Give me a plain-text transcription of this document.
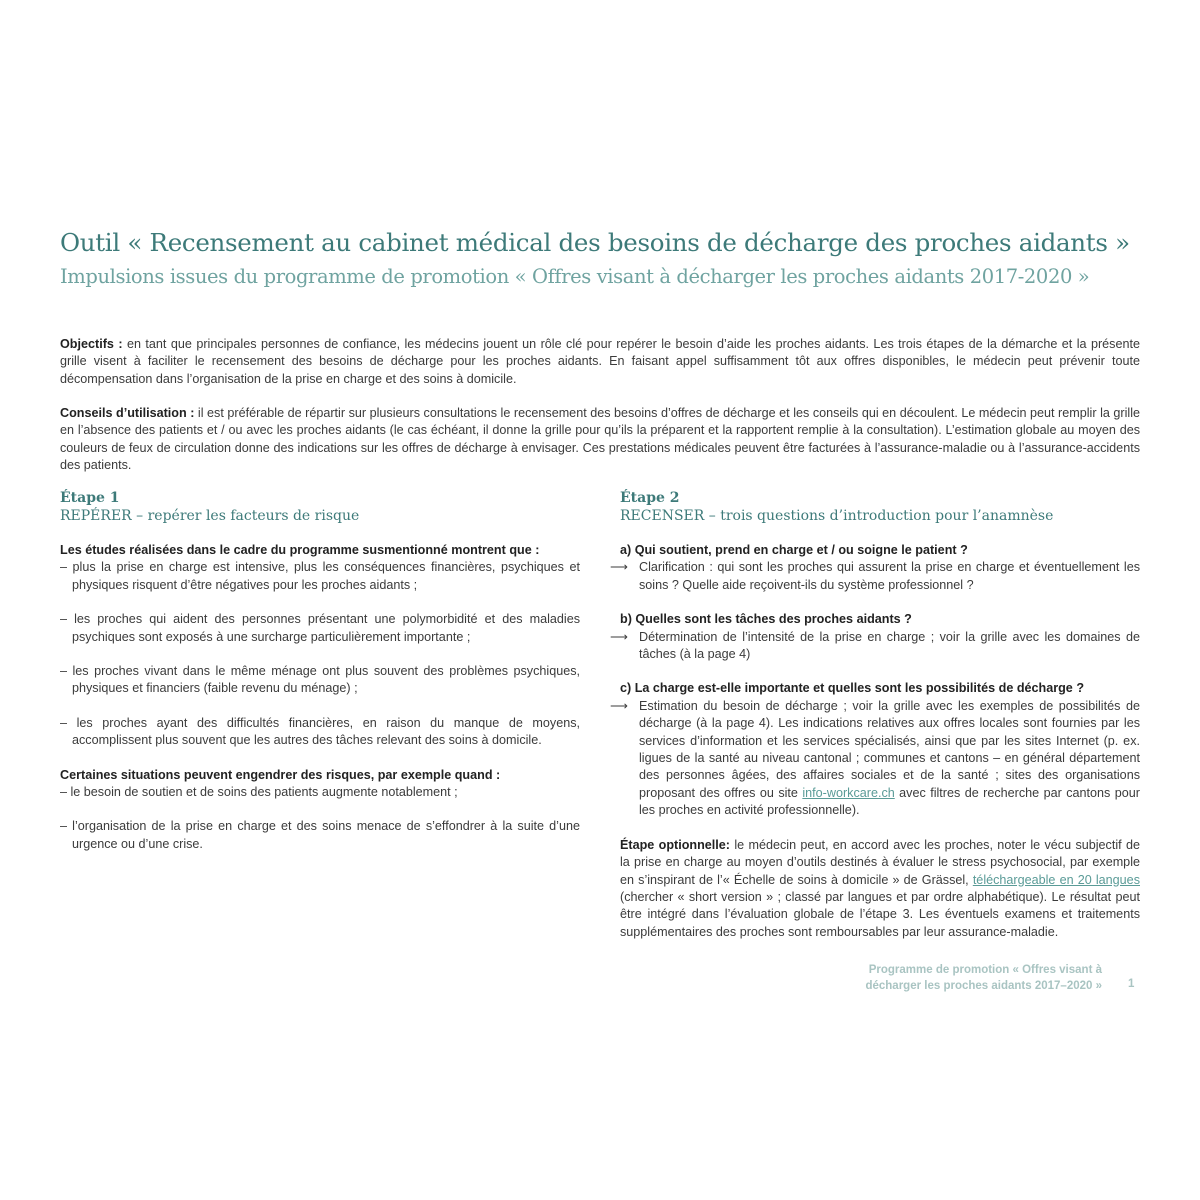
Outil « Recensement au cabinet médical des besoins de décharge des proches aidants »
Impulsions issues du programme de promotion « Offres visant à décharger les proches aidants 2017-2020 »
Objectifs : en tant que principales personnes de confiance, les médecins jouent un rôle clé pour repérer le besoin d’aide les proches aidants. Les trois étapes de la démarche et la présente grille visent à faciliter le recensement des besoins de décharge pour les proches aidants. En faisant appel suffisamment tôt aux offres disponibles, le médecin peut prévenir toute décompensation dans l’organisation de la prise en charge et des soins à domicile.
Conseils d’utilisation : il est préférable de répartir sur plusieurs consultations le recensement des besoins d’offres de décharge et les conseils qui en découlent. Le médecin peut remplir la grille en l’absence des patients et / ou avec les proches aidants (le cas échéant, il donne la grille pour qu’ils la préparent et la rapportent remplie à la consultation). L’estimation globale au moyen des couleurs de feux de circulation donne des indications sur les offres de décharge à envisager. Ces prestations médicales peuvent être facturées à l’assurance-maladie ou à l’assurance-accidents des patients.
Étape 1
REPÉRER – repérer les facteurs de risque
Les études réalisées dans le cadre du programme susmentionné montrent que :
– plus la prise en charge est intensive, plus les conséquences financières, psychiques et physiques risquent d’être négatives pour les proches aidants ;
– les proches qui aident des personnes présentant une polymorbidité et des maladies psychiques sont exposés à une surcharge particulièrement importante ;
– les proches vivant dans le même ménage ont plus souvent des problèmes psychiques, physiques et financiers (faible revenu du ménage) ;
– les proches ayant des difficultés financières, en raison du manque de moyens, accomplissent plus souvent que les autres des tâches relevant des soins à domicile.
Certaines situations peuvent engendrer des risques, par exemple quand :
– le besoin de soutien et de soins des patients augmente notablement ;
– l’organisation de la prise en charge et des soins menace de s’effondrer à la suite d’une urgence ou d’une crise.
Étape 2
RECENSER – trois questions d’introduction pour l’anamnèse
a) Qui soutient, prend en charge et / ou soigne le patient ?
⟶ Clarification : qui sont les proches qui assurent la prise en charge et éventuellement les soins ? Quelle aide reçoivent-ils du système professionnel ?
b) Quelles sont les tâches des proches aidants ?
⟶ Détermination de l’intensité de la prise en charge ; voir la grille avec les domaines de tâches (à la page 4)
c) La charge est-elle importante et quelles sont les possibilités de décharge ?
⟶ Estimation du besoin de décharge ; voir la grille avec les exemples de possibilités de décharge (à la page 4). Les indications relatives aux offres locales sont fournies par les services d’information et les services spécialisés, ainsi que par les sites Internet (p. ex. ligues de la santé au niveau cantonal ; communes et cantons – en général département des personnes âgées, des affaires sociales et de la santé ; sites des organisations proposant des offres ou site info-workcare.ch avec filtres de recherche par cantons pour les proches en activité professionnelle).
Étape optionnelle: le médecin peut, en accord avec les proches, noter le vécu subjectif de la prise en charge au moyen d’outils destinés à évaluer le stress psychosocial, par exemple en s’inspirant de l’« Échelle de soins à domicile » de Grässel, téléchargeable en 20 langues (chercher « short version » ; classé par langues et par ordre alphabétique). Le résultat peut être intégré dans l’évaluation globale de l’étape 3. Les éventuels examens et traitements supplémentaires des proches sont remboursables par leur assurance-maladie.
Programme de promotion « Offres visant à décharger les proches aidants 2017–2020 » 1
